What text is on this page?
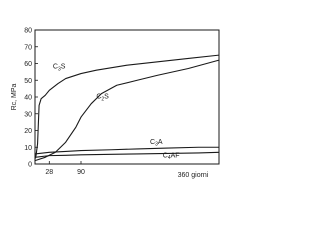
0
10
20
30
40
50
60
70
80
28	90
$C_3S$
$C_2S$
$C_3A$
$C_4AF$
Rc, MPa
360 giorni
